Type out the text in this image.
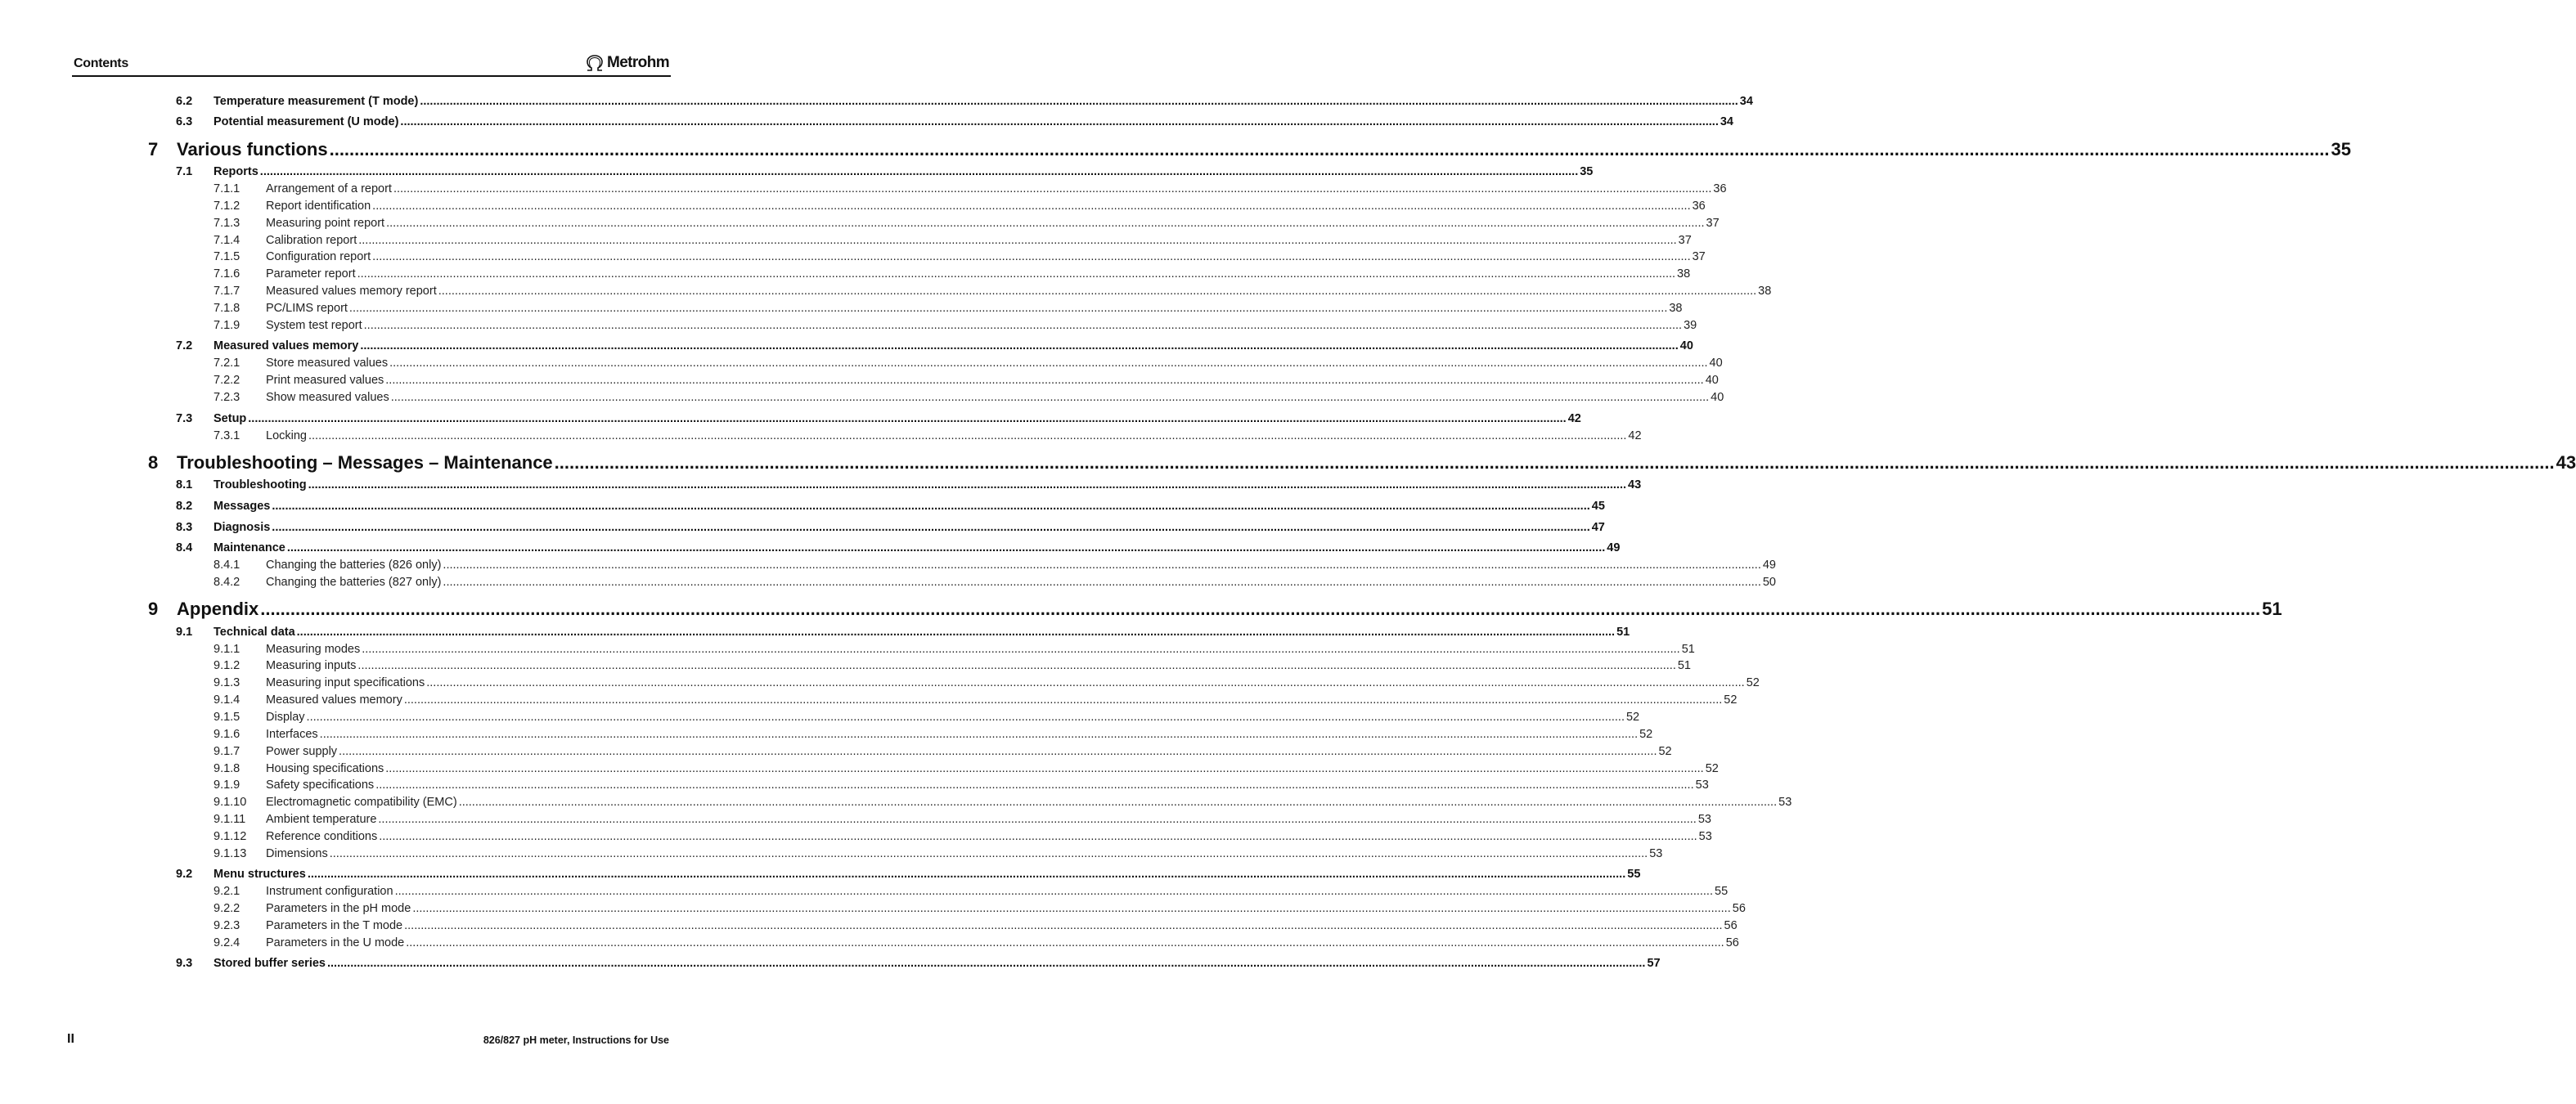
Contents	Metrohm
6.2 Temperature measurement (T mode) ................................................................................................................................................................................................................................................................................................................................................................................................................ 34
6.3 Potential measurement (U mode) ................................................................................................................................................................................................................................................................................................................................................................................................................ 34
7 Various functions ................................................................................................................................................................................................................................................................................................................................................................................................................ 35
7.1 Reports ................................................................................................................................................................................................................................................................................................................................................................................................................ 35
7.1.1 Arrangement of a report ................................................................................................................................................................................................................................................................................................................................................................................................................ 36
7.1.2 Report identification ................................................................................................................................................................................................................................................................................................................................................................................................................ 36
7.1.3 Measuring point report ................................................................................................................................................................................................................................................................................................................................................................................................................ 37
7.1.4 Calibration report ................................................................................................................................................................................................................................................................................................................................................................................................................ 37
7.1.5 Configuration report ................................................................................................................................................................................................................................................................................................................................................................................................................ 37
7.1.6 Parameter report ................................................................................................................................................................................................................................................................................................................................................................................................................ 38
7.1.7 Measured values memory report ................................................................................................................................................................................................................................................................................................................................................................................................................ 38
7.1.8 PC/LIMS report ................................................................................................................................................................................................................................................................................................................................................................................................................ 38
7.1.9 System test report ................................................................................................................................................................................................................................................................................................................................................................................................................ 39
7.2 Measured values memory ................................................................................................................................................................................................................................................................................................................................................................................................................ 40
7.2.1 Store measured values ................................................................................................................................................................................................................................................................................................................................................................................................................ 40
7.2.2 Print measured values ................................................................................................................................................................................................................................................................................................................................................................................................................ 40
7.2.3 Show measured values ................................................................................................................................................................................................................................................................................................................................................................................................................ 40
7.3 Setup ................................................................................................................................................................................................................................................................................................................................................................................................................ 42
7.3.1 Locking ................................................................................................................................................................................................................................................................................................................................................................................................................ 42
8 Troubleshooting – Messages – Maintenance ................................................................................................................................................................................................................................................................................................................................................................................................................ 43
8.1 Troubleshooting ................................................................................................................................................................................................................................................................................................................................................................................................................ 43
8.2 Messages ................................................................................................................................................................................................................................................................................................................................................................................................................ 45
8.3 Diagnosis ................................................................................................................................................................................................................................................................................................................................................................................................................ 47
8.4 Maintenance ................................................................................................................................................................................................................................................................................................................................................................................................................ 49
8.4.1 Changing the batteries (826 only) ................................................................................................................................................................................................................................................................................................................................................................................................................ 49
8.4.2 Changing the batteries (827 only) ................................................................................................................................................................................................................................................................................................................................................................................................................ 50
9 Appendix ................................................................................................................................................................................................................................................................................................................................................................................................................ 51
9.1 Technical data ................................................................................................................................................................................................................................................................................................................................................................................................................ 51
9.1.1 Measuring modes ................................................................................................................................................................................................................................................................................................................................................................................................................ 51
9.1.2 Measuring inputs ................................................................................................................................................................................................................................................................................................................................................................................................................ 51
9.1.3 Measuring input specifications ................................................................................................................................................................................................................................................................................................................................................................................................................ 52
9.1.4 Measured values memory ................................................................................................................................................................................................................................................................................................................................................................................................................ 52
9.1.5 Display ................................................................................................................................................................................................................................................................................................................................................................................................................ 52
9.1.6 Interfaces ................................................................................................................................................................................................................................................................................................................................................................................................................ 52
9.1.7 Power supply ................................................................................................................................................................................................................................................................................................................................................................................................................ 52
9.1.8 Housing specifications ................................................................................................................................................................................................................................................................................................................................................................................................................ 52
9.1.9 Safety specifications ................................................................................................................................................................................................................................................................................................................................................................................................................ 53
9.1.10 Electromagnetic compatibility (EMC) ................................................................................................................................................................................................................................................................................................................................................................................................................ 53
9.1.11 Ambient temperature ................................................................................................................................................................................................................................................................................................................................................................................................................ 53
9.1.12 Reference conditions ................................................................................................................................................................................................................................................................................................................................................................................................................ 53
9.1.13 Dimensions ................................................................................................................................................................................................................................................................................................................................................................................................................ 53
9.2 Menu structures ................................................................................................................................................................................................................................................................................................................................................................................................................ 55
9.2.1 Instrument configuration ................................................................................................................................................................................................................................................................................................................................................................................................................ 55
9.2.2 Parameters in the pH mode ................................................................................................................................................................................................................................................................................................................................................................................................................ 56
9.2.3 Parameters in the T mode ................................................................................................................................................................................................................................................................................................................................................................................................................ 56
9.2.4 Parameters in the U mode ................................................................................................................................................................................................................................................................................................................................................................................................................ 56
9.3 Stored buffer series ................................................................................................................................................................................................................................................................................................................................................................................................................ 57
II	826/827 pH meter, Instructions for Use
